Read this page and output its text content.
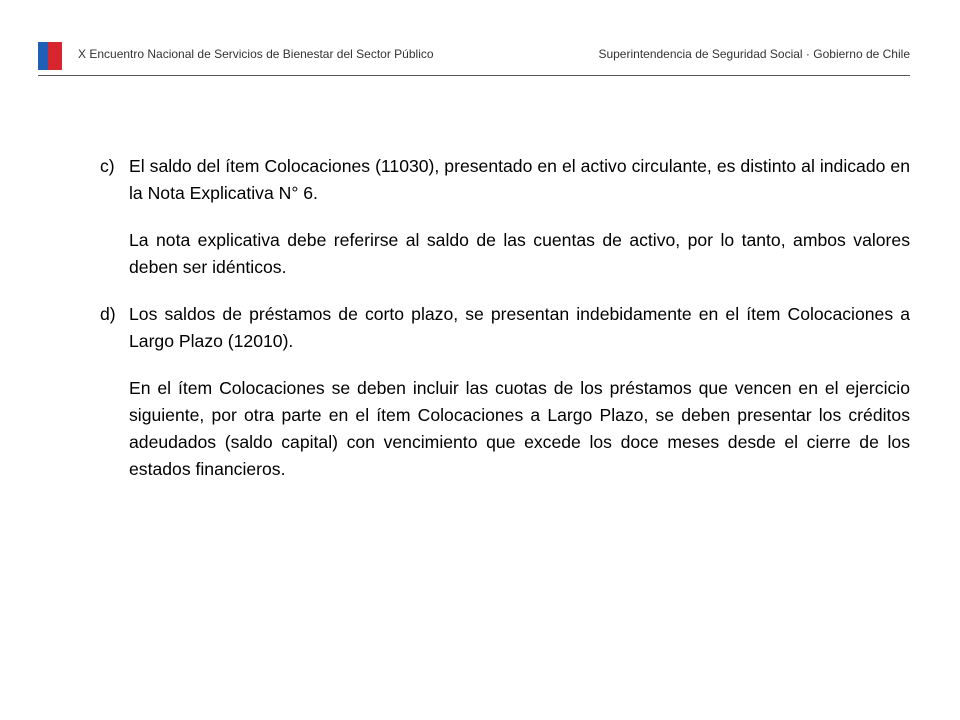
X Encuentro Nacional de Servicios de Bienestar del Sector Público	Superintendencia de Seguridad Social · Gobierno de Chile
c) El saldo del ítem Colocaciones (11030), presentado en el activo circulante, es distinto al indicado en la Nota Explicativa N° 6.
La nota explicativa debe referirse al saldo de las cuentas de activo, por lo tanto, ambos valores deben ser idénticos.
d) Los saldos de préstamos de corto plazo, se presentan indebidamente en el ítem Colocaciones a Largo Plazo (12010).
En el ítem Colocaciones se deben incluir las cuotas de los préstamos que vencen en el ejercicio siguiente, por otra parte en el ítem Colocaciones a Largo Plazo, se deben presentar los créditos adeudados (saldo capital) con vencimiento que excede los doce meses desde el cierre de los estados financieros.
